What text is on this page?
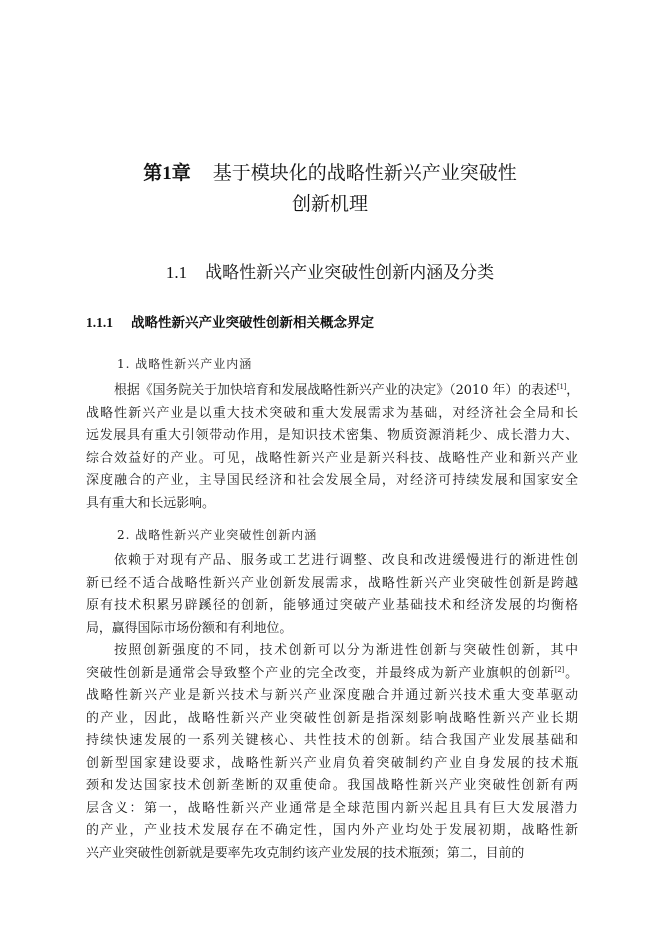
第1章 基于模块化的战略性新兴产业突破性
创新机理
1.1 战略性新兴产业突破性创新内涵及分类
1.1.1 战略性新兴产业突破性创新相关概念界定
1. 战略性新兴产业内涵
根据《国务院关于加快培育和发展战略性新兴产业的决定》（2010 年）的表述[1]，
战略性新兴产业是以重大技术突破和重大发展需求为基础，对经济社会全局和长
远发展具有重大引领带动作用，是知识技术密集、物质资源消耗少、成长潜力大、
综合效益好的产业。可见，战略性新兴产业是新兴科技、战略性产业和新兴产业
深度融合的产业，主导国民经济和社会发展全局，对经济可持续发展和国家安全
具有重大和长远影响。
2. 战略性新兴产业突破性创新内涵
依赖于对现有产品、服务或工艺进行调整、改良和改进缓慢进行的渐进性创
新已经不适合战略性新兴产业创新发展需求，战略性新兴产业突破性创新是跨越
原有技术积累另辟蹊径的创新，能够通过突破产业基础技术和经济发展的均衡格
局，赢得国际市场份额和有利地位。
按照创新强度的不同，技术创新可以分为渐进性创新与突破性创新，其中
突破性创新是通常会导致整个产业的完全改变，并最终成为新产业旗帜的创新[2]。
战略性新兴产业是新兴技术与新兴产业深度融合并通过新兴技术重大变革驱动
的产业，因此，战略性新兴产业突破性创新是指深刻影响战略性新兴产业长期
持续快速发展的一系列关键核心、共性技术的创新。结合我国产业发展基础和
创新型国家建设要求，战略性新兴产业肩负着突破制约产业自身发展的技术瓶
颈和发达国家技术创新垄断的双重使命。我国战略性新兴产业突破性创新有两
层含义：第一，战略性新兴产业通常是全球范围内新兴起且具有巨大发展潜力
的产业，产业技术发展存在不确定性，国内外产业均处于发展初期，战略性新
兴产业突破性创新就是要率先攻克制约该产业发展的技术瓶颈；第二，目前的
